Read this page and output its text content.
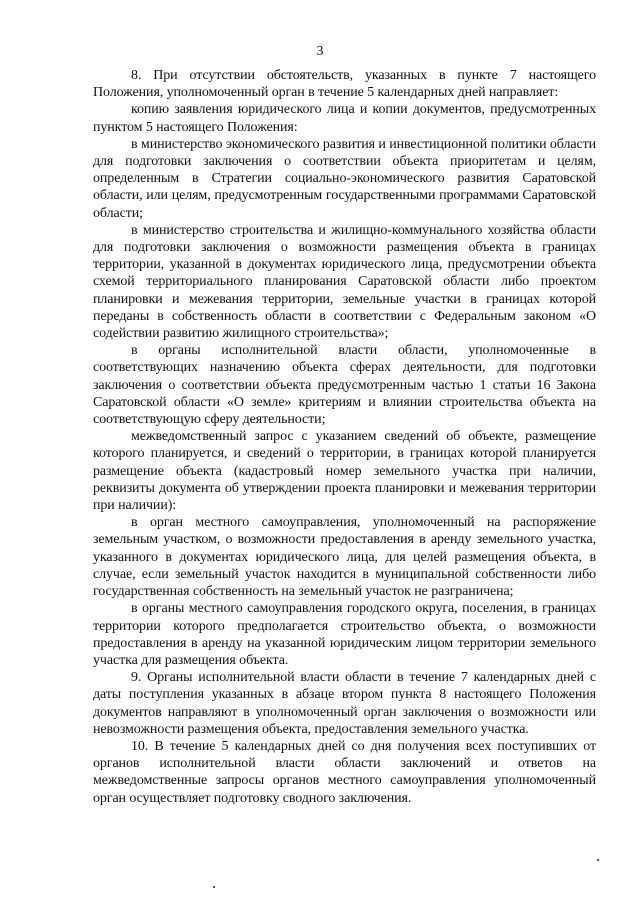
3

8. При отсутствии обстоятельств, указанных в пункте 7 настоящего Положения, уполномоченный орган в течение 5 календарных дней направляет:

копию заявления юридического лица и копии документов, предусмотренных пунктом 5 настоящего Положения:

в министерство экономического развития и инвестиционной политики области для подготовки заключения о соответствии объекта приоритетам и целям, определенным в Стратегии социально-экономического развития Саратовской области, или целям, предусмотренным государственными программами Саратовской области;

в министерство строительства и жилищно-коммунального хозяйства области для подготовки заключения о возможности размещения объекта в границах территории, указанной в документах юридического лица, предусмотрении объекта схемой территориального планирования Саратовской области либо проектом планировки и межевания территории, земельные участки в границах которой переданы в собственность области в соответствии с Федеральным законом «О содействии развитию жилищного строительства»;

в органы исполнительной власти области, уполномоченные в соответствующих назначению объекта сферах деятельности, для подготовки заключения о соответствии объекта предусмотренным частью 1 статьи 16 Закона Саратовской области «О земле» критериям и влиянии строительства объекта на соответствующую сферу деятельности;

межведомственный запрос с указанием сведений об объекте, размещение которого планируется, и сведений о территории, в границах которой планируется размещение объекта (кадастровый номер земельного участка при наличии, реквизиты документа об утверждении проекта планировки и межевания территории при наличии):

в орган местного самоуправления, уполномоченный на распоряжение земельным участком, о возможности предоставления в аренду земельного участка, указанного в документах юридического лица, для целей размещения объекта, в случае, если земельный участок находится в муниципальной собственности либо государственная собственность на земельный участок не разграничена;

в органы местного самоуправления городского округа, поселения, в границах территории которого предполагается строительство объекта, о возможности предоставления в аренду на указанной юридическим лицом территории земельного участка для размещения объекта.

9. Органы исполнительной власти области в течение 7 календарных дней с даты поступления указанных в абзаце втором пункта 8 настоящего Положения документов направляют в уполномоченный орган заключения о возможности или невозможности размещения объекта, предоставления земельного участка.

10. В течение 5 календарных дней со дня получения всех поступивших от органов исполнительной власти области заключений и ответов на межведомственные запросы органов местного самоуправления уполномоченный орган осуществляет подготовку сводного заключения.
